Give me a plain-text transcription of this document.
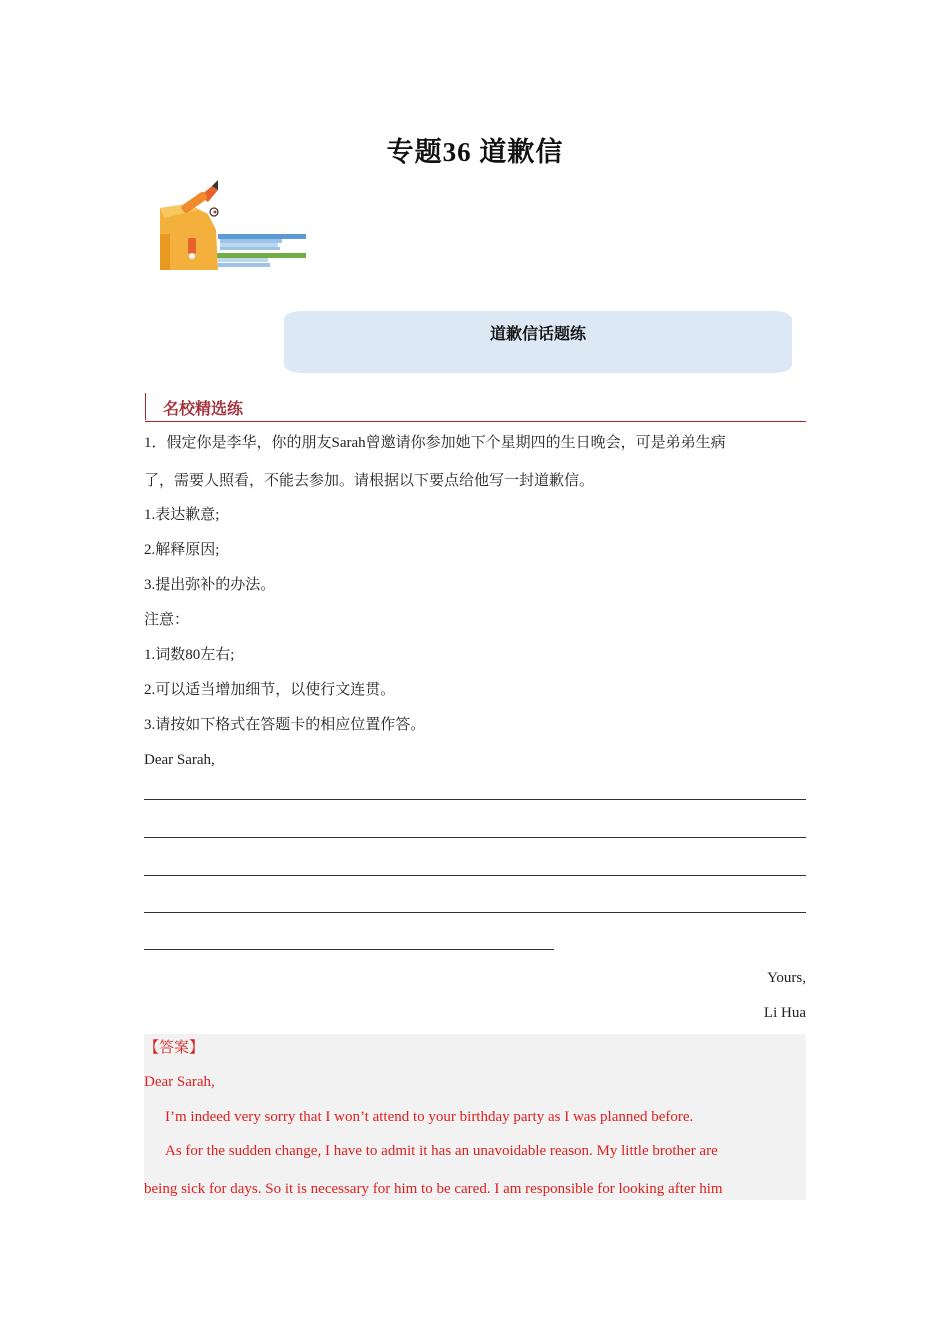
专题36 道歉信
道歉信话题练
名校精选练
1．假定你是李华，你的朋友Sarah曾邀请你参加她下个星期四的生日晚会，可是弟弟生病
了，需要人照看，不能去参加。请根据以下要点给他写一封道歉信。
1.表达歉意;
2.解释原因;
3.提出弥补的办法。
注意：
1.词数80左右;
2.可以适当增加细节，以使行文连贯。
3.请按如下格式在答题卡的相应位置作答。
Dear Sarah,
Yours,
Li Hua
【答案】
Dear Sarah,
I’m indeed very sorry that I won’t attend to your birthday party as I was planned before.
As for the sudden change, I have to admit it has an unavoidable reason. My little brother are
being sick for days. So it is necessary for him to be cared. I am responsible for looking after him
